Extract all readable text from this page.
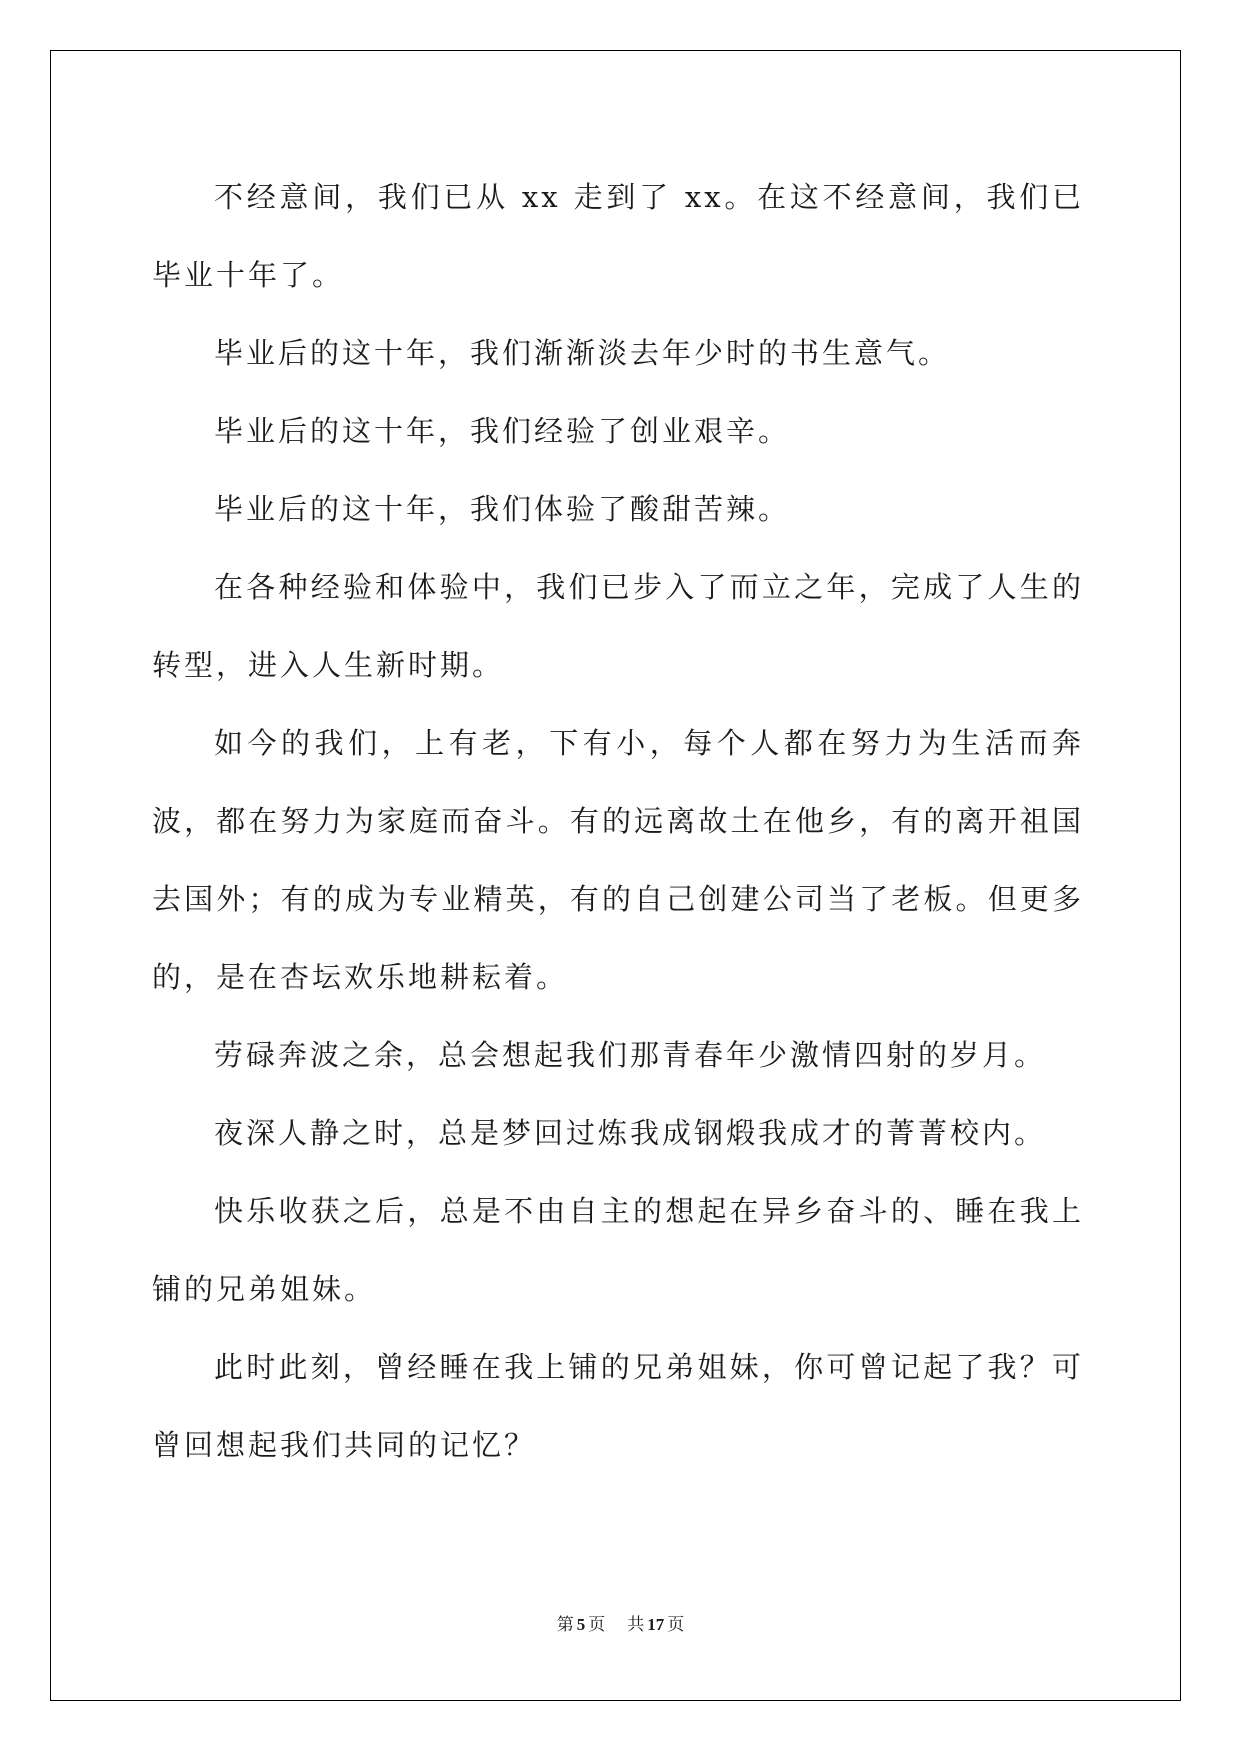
不经意间，我们已从 xx 走到了 xx。在这不经意间，我们已毕业十年了。

毕业后的这十年，我们渐渐淡去年少时的书生意气。

毕业后的这十年，我们经验了创业艰辛。

毕业后的这十年，我们体验了酸甜苦辣。

在各种经验和体验中，我们已步入了而立之年，完成了人生的转型，进入人生新时期。

如今的我们，上有老，下有小，每个人都在努力为生活而奔波，都在努力为家庭而奋斗。有的远离故土在他乡，有的离开祖国去国外；有的成为专业精英，有的自己创建公司当了老板。但更多的，是在杏坛欢乐地耕耘着。

劳碌奔波之余，总会想起我们那青春年少激情四射的岁月。

夜深人静之时，总是梦回过炼我成钢煅我成才的菁菁校内。

快乐收获之后，总是不由自主的想起在异乡奋斗的、睡在我上铺的兄弟姐妹。

此时此刻，曾经睡在我上铺的兄弟姐妹，你可曾记起了我？可曾回想起我们共同的记忆？

第 5 页 共 17 页
